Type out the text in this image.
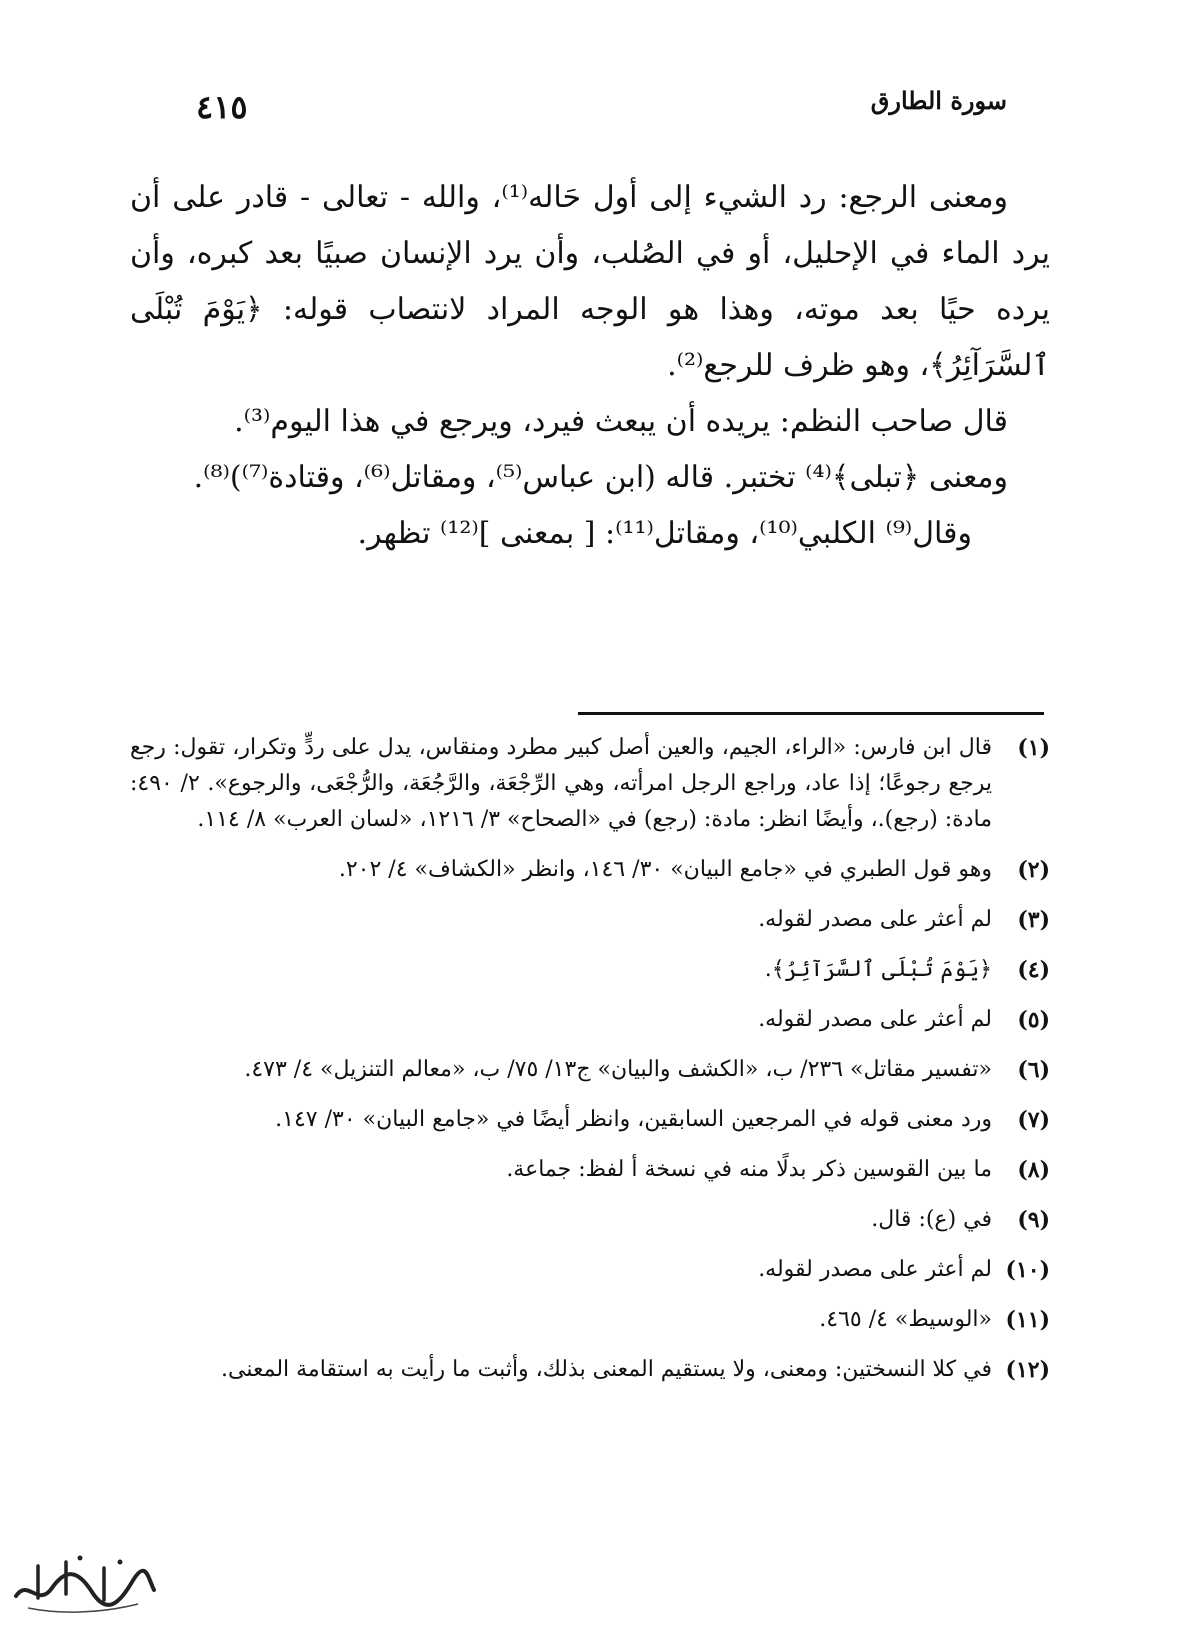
سورة الطارق
٤١٥

ومعنى الرجع: رد الشيء إلى أول حَاله⁽¹⁾، والله - تعالى - قادر على أن يرد الماء في الإحليل، أو في الصُلب، وأن يرد الإنسان صبيًا بعد كبره، وأن يرده حيًا بعد موته، وهذا هو الوجه المراد لانتصاب قوله: ﴿يَوْمَ تُبْلَى ٱلسَّرَآئِرُ﴾، وهو ظرف للرجع⁽²⁾.

قال صاحب النظم: يريده أن يبعث فيرد، ويرجع في هذا اليوم⁽³⁾.

ومعنى ﴿تبلى﴾⁽⁴⁾ تختبر. قاله (ابن عباس⁽⁵⁾، ومقاتل⁽⁶⁾، وقتادة⁽⁷⁾)⁽⁸⁾.

وقال⁽⁹⁾ الكلبي⁽¹⁰⁾، ومقاتل⁽¹¹⁾: [ بمعنى ]⁽¹²⁾ تظهر.

(١)
قال ابن فارس: «الراء، الجيم، والعين أصل كبير مطرد ومنقاس، يدل على ردٍّ وتكرار، تقول: رجع يرجع رجوعًا؛ إذا عاد، وراجع الرجل امرأته، وهي الرِّجْعَة، والرَّجُعَة، والرُّجْعَى، والرجوع». ٢/ ٤٩٠: مادة: (رجع).، وأيضًا انظر: مادة: (رجع) في «الصحاح» ٣/ ١٢١٦، «لسان العرب» ٨/ ١١٤.
(٢)
وهو قول الطبري في «جامع البيان» ٣٠/ ١٤٦، وانظر «الكشاف» ٤/ ٢٠٢.
(٣)
لم أعثر على مصدر لقوله.
(٤)
﴿يَوْمَ تُبْلَى ٱلسَّرَآئِرُ﴾.
(٥)
لم أعثر على مصدر لقوله.
(٦)
«تفسير مقاتل» ٢٣٦/ ب، «الكشف والبيان» ج١٣/ ٧٥/ ب، «معالم التنزيل» ٤/ ٤٧٣.
(٧)
ورد معنى قوله في المرجعين السابقين، وانظر أيضًا في «جامع البيان» ٣٠/ ١٤٧.
(٨)
ما بين القوسين ذكر بدلًا منه في نسخة أ لفظ: جماعة.
(٩)
في (ع): قال.
(١٠)
لم أعثر على مصدر لقوله.
(١١)
«الوسيط» ٤/ ٤٦٥.
(١٢)
في كلا النسختين: ومعنى، ولا يستقيم المعنى بذلك، وأثبت ما رأيت به استقامة المعنى.
